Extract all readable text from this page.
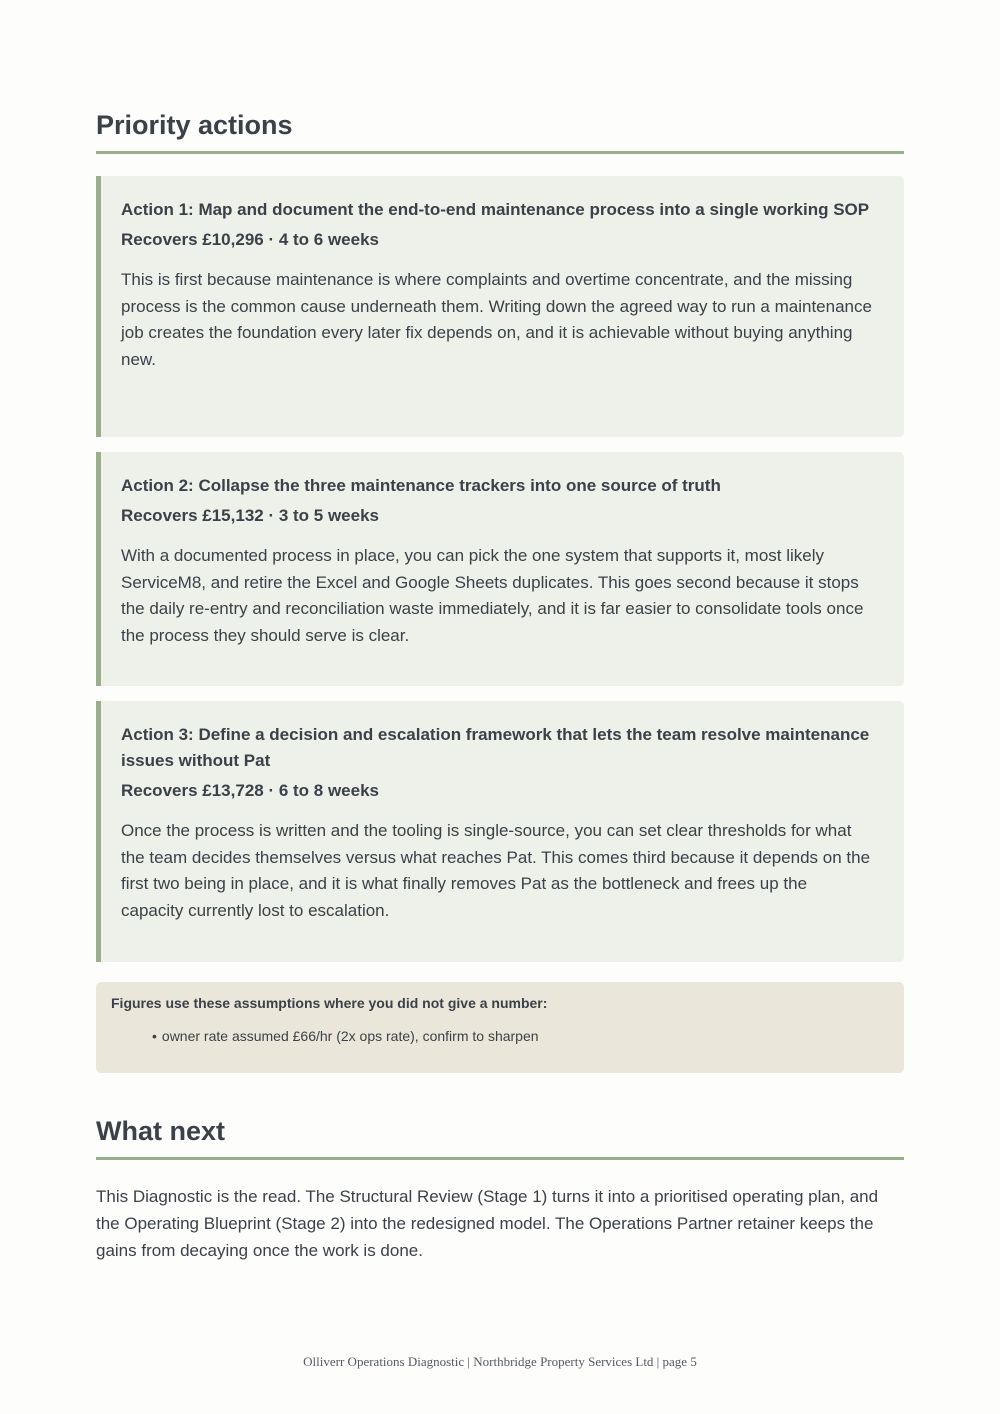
Priority actions

Action 1: Map and document the end-to-end maintenance process into a single working SOP

Recovers £10,296 · 4 to 6 weeks

This is first because maintenance is where complaints and overtime concentrate, and the missing process is the common cause underneath them. Writing down the agreed way to run a maintenance job creates the foundation every later fix depends on, and it is achievable without buying anything new.

Action 2: Collapse the three maintenance trackers into one source of truth

Recovers £15,132 · 3 to 5 weeks

With a documented process in place, you can pick the one system that supports it, most likely ServiceM8, and retire the Excel and Google Sheets duplicates. This goes second because it stops the daily re-entry and reconciliation waste immediately, and it is far easier to consolidate tools once the process they should serve is clear.

Action 3: Define a decision and escalation framework that lets the team resolve maintenance issues without Pat

Recovers £13,728 · 6 to 8 weeks

Once the process is written and the tooling is single-source, you can set clear thresholds for what the team decides themselves versus what reaches Pat. This comes third because it depends on the first two being in place, and it is what finally removes Pat as the bottleneck and frees up the capacity currently lost to escalation.

Figures use these assumptions where you did not give a number:

• owner rate assumed £66/hr (2x ops rate), confirm to sharpen
What next

This Diagnostic is the read. The Structural Review (Stage 1) turns it into a prioritised operating plan, and the Operating Blueprint (Stage 2) into the redesigned model. The Operations Partner retainer keeps the gains from decaying once the work is done.

Olliverr Operations Diagnostic | Northbridge Property Services Ltd | page 5
